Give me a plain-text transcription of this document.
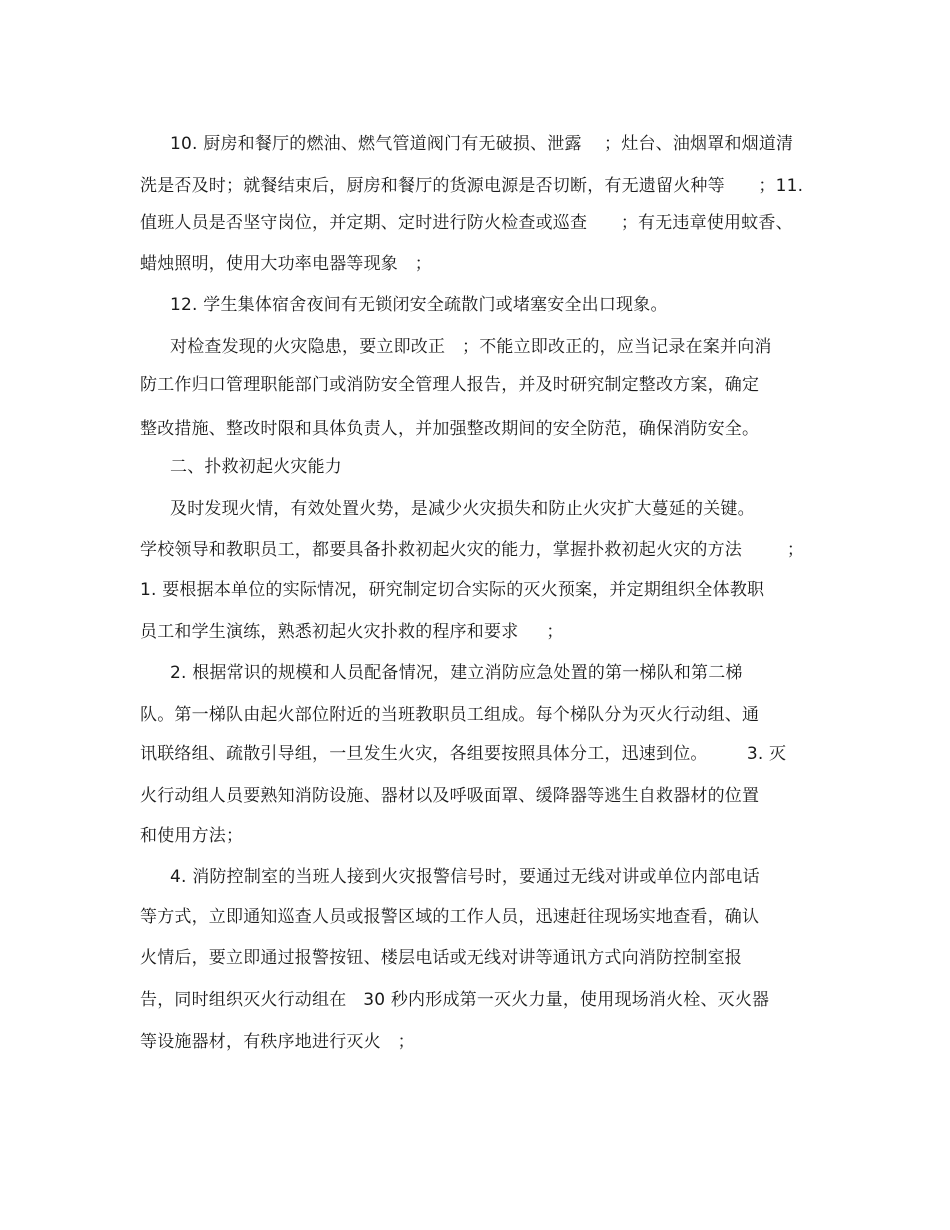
10. 厨房和餐厅的燃油、燃气管道阀门有无破损、泄露    ；灶台、油烟罩和烟道清
洗是否及时；就餐结束后，厨房和餐厅的货源电源是否切断，有无遗留火种等      ；11.
值班人员是否坚守岗位，并定期、定时进行防火检查或巡查      ；有无违章使用蚊香、
蜡烛照明，使用大功率电器等现象   ；
12. 学生集体宿舍夜间有无锁闭安全疏散门或堵塞安全出口现象。
对检查发现的火灾隐患，要立即改正   ；不能立即改正的，应当记录在案并向消
防工作归口管理职能部门或消防安全管理人报告，并及时研究制定整改方案，确定
整改措施、整改时限和具体负责人，并加强整改期间的安全防范，确保消防安全。
二、扑救初起火灾能力
及时发现火情，有效处置火势，是减少火灾损失和防止火灾扩大蔓延的关键。
学校领导和教职员工，都要具备扑救初起火灾的能力，掌握扑救初起火灾的方法        ；
1. 要根据本单位的实际情况，研究制定切合实际的灭火预案，并定期组织全体教职
员工和学生演练，熟悉初起火灾扑救的程序和要求     ；
2. 根据常识的规模和人员配备情况，建立消防应急处置的第一梯队和第二梯
队。第一梯队由起火部位附近的当班教职员工组成。每个梯队分为灭火行动组、通
讯联络组、疏散引导组，一旦发生火灾，各组要按照具体分工，迅速到位。       3. 灭
火行动组人员要熟知消防设施、器材以及呼吸面罩、缓降器等逃生自救器材的位置
和使用方法；
4. 消防控制室的当班人接到火灾报警信号时，要通过无线对讲或单位内部电话
等方式，立即通知巡查人员或报警区域的工作人员，迅速赶往现场实地查看，确认
火情后，要立即通过报警按钮、楼层电话或无线对讲等通讯方式向消防控制室报
告，同时组织灭火行动组在   30 秒内形成第一灭火力量，使用现场消火栓、灭火器
等设施器材，有秩序地进行灭火   ；
